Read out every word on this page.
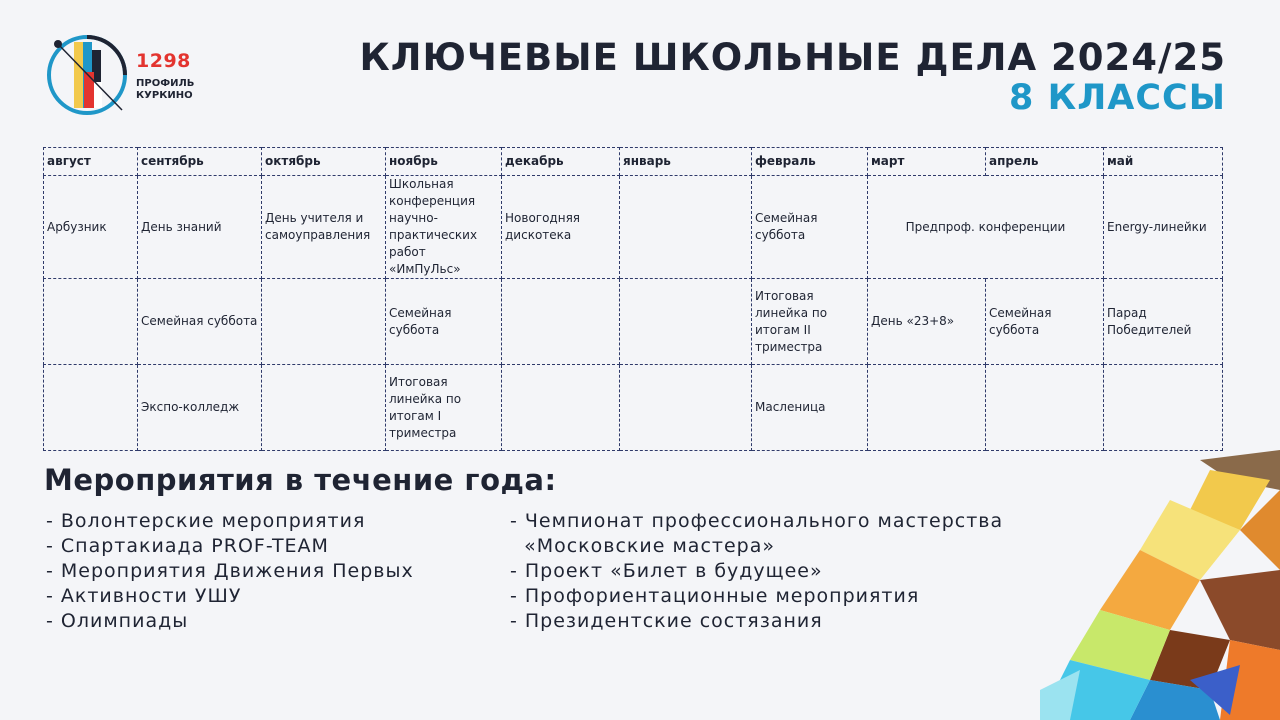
1298
ПРОФИЛЬ
КУРКИНО
КЛЮЧЕВЫЕ ШКОЛЬНЫЕ ДЕЛА 2024/25
8 КЛАССЫ
август	сентябрь	октябрь	ноябрь	декабрь	январь	февраль	март	апрель	май
Арбузник	День знаний	День учителя и самоуправления	Школьная конференция научно-практических работ «ИмПуЛьс»	Новогодняя дискотека		Семейная суббота	Предпроф. конференции		Energy-линейки
	Семейная суббота		Семейная суббота			Итоговая линейка по итогам II триместра	День «23+8»	Семейная суббота	Парад Победителей
	Экспо-колледж		Итоговая линейка по итогам I триместра			Масленица			
Мероприятия в течение года:
- Волонтерские мероприятия
- Спартакиада PROF-TEAM
- Мероприятия Движения Первых
- Активности УШУ
- Олимпиады
- Чемпионат профессионального мастерства
«Московские мастера»
- Проект «Билет в будущее»
- Профориентационные мероприятия
- Президентские состязания
